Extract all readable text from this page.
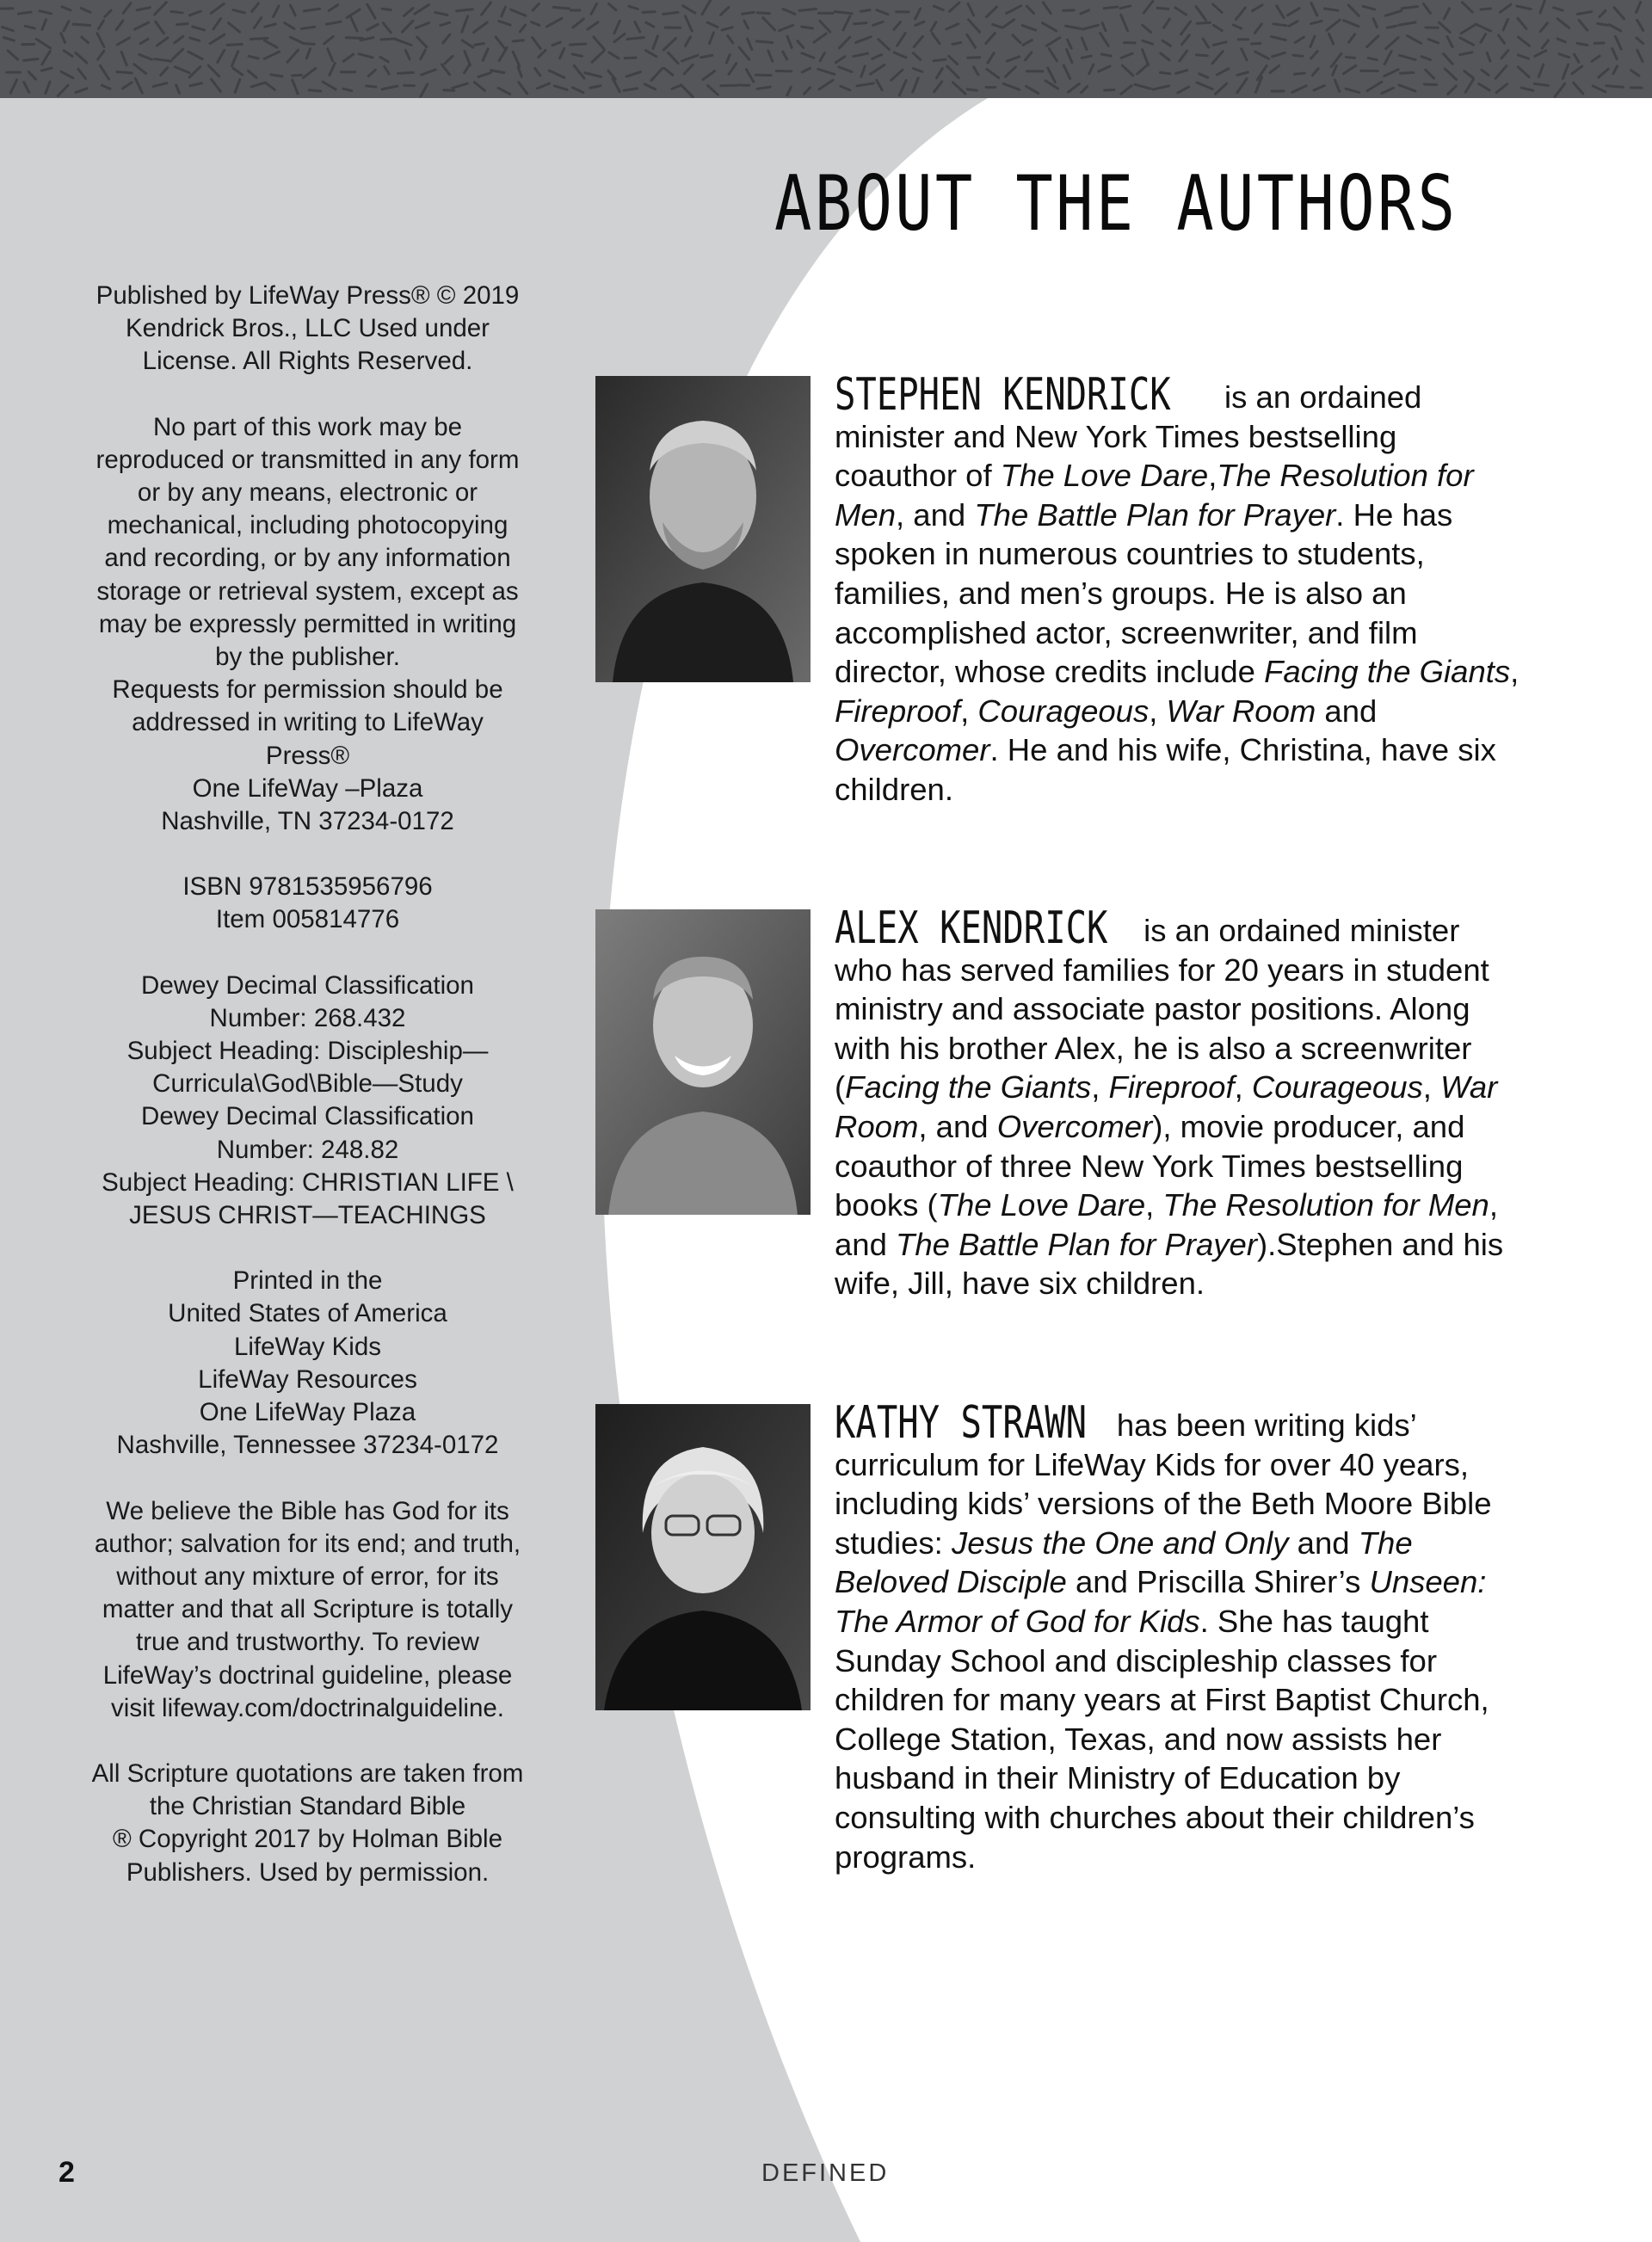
Published by LifeWay Press® © 2019 Kendrick Bros., LLC Used under License. All Rights Reserved.

No part of this work may be reproduced or transmitted in any form or by any means, electronic or mechanical, including photocopying and recording, or by any information storage or retrieval system, except as may be expressly permitted in writing by the publisher.
Requests for permission should be addressed in writing to LifeWay Press®
One LifeWay –Plaza
Nashville, TN 37234-0172

ISBN 9781535956796
Item 005814776

Dewey Decimal Classification Number: 268.432
Subject Heading: Discipleship—Curricula\God\Bible—Study
Dewey Decimal Classification Number: 248.82
Subject Heading: CHRISTIAN LIFE \ JESUS CHRIST—TEACHINGS

Printed in the
United States of America
LifeWay Kids
LifeWay Resources
One LifeWay Plaza
Nashville, Tennessee 37234-0172

We believe the Bible has God for its author; salvation for its end; and truth, without any mixture of error, for its matter and that all Scripture is totally true and trustworthy. To review LifeWay’s doctrinal guideline, please visit lifeway.com/doctrinalguideline.

All Scripture quotations are taken from the Christian Standard Bible
® Copyright 2017 by Holman Bible Publishers. Used by permission.

ABOUT THE AUTHORS

STEPHEN KENDRICK is an ordained minister and New York Times bestselling coauthor of The Love Dare,The Resolution for Men, and The Battle Plan for Prayer. He has spoken in numerous countries to students, families, and men’s groups. He is also an accomplished actor, screenwriter, and film director, whose credits include Facing the Giants, Fireproof, Courageous, War Room and Overcomer. He and his wife, Christina, have six children.

ALEX KENDRICK is an ordained minister who has served families for 20 years in student ministry and associate pastor positions. Along with his brother Alex, he is also a screenwriter (Facing the Giants, Fireproof, Courageous, War Room, and Overcomer), movie producer, and coauthor of three New York Times bestselling books (The Love Dare, The Resolution for Men, and The Battle Plan for Prayer).Stephen and his wife, Jill, have six children.

KATHY STRAWN has been writing kids’ curriculum for LifeWay Kids for over 40 years, including kids’ versions of the Beth Moore Bible studies: Jesus the One and Only and The Beloved Disciple and Priscilla Shirer’s Unseen: The Armor of God for Kids. She has taught Sunday School and discipleship classes for children for many years at First Baptist Church, College Station, Texas, and now assists her husband in their Ministry of Education by consulting with churches about their children’s programs.

2	DEFINED
